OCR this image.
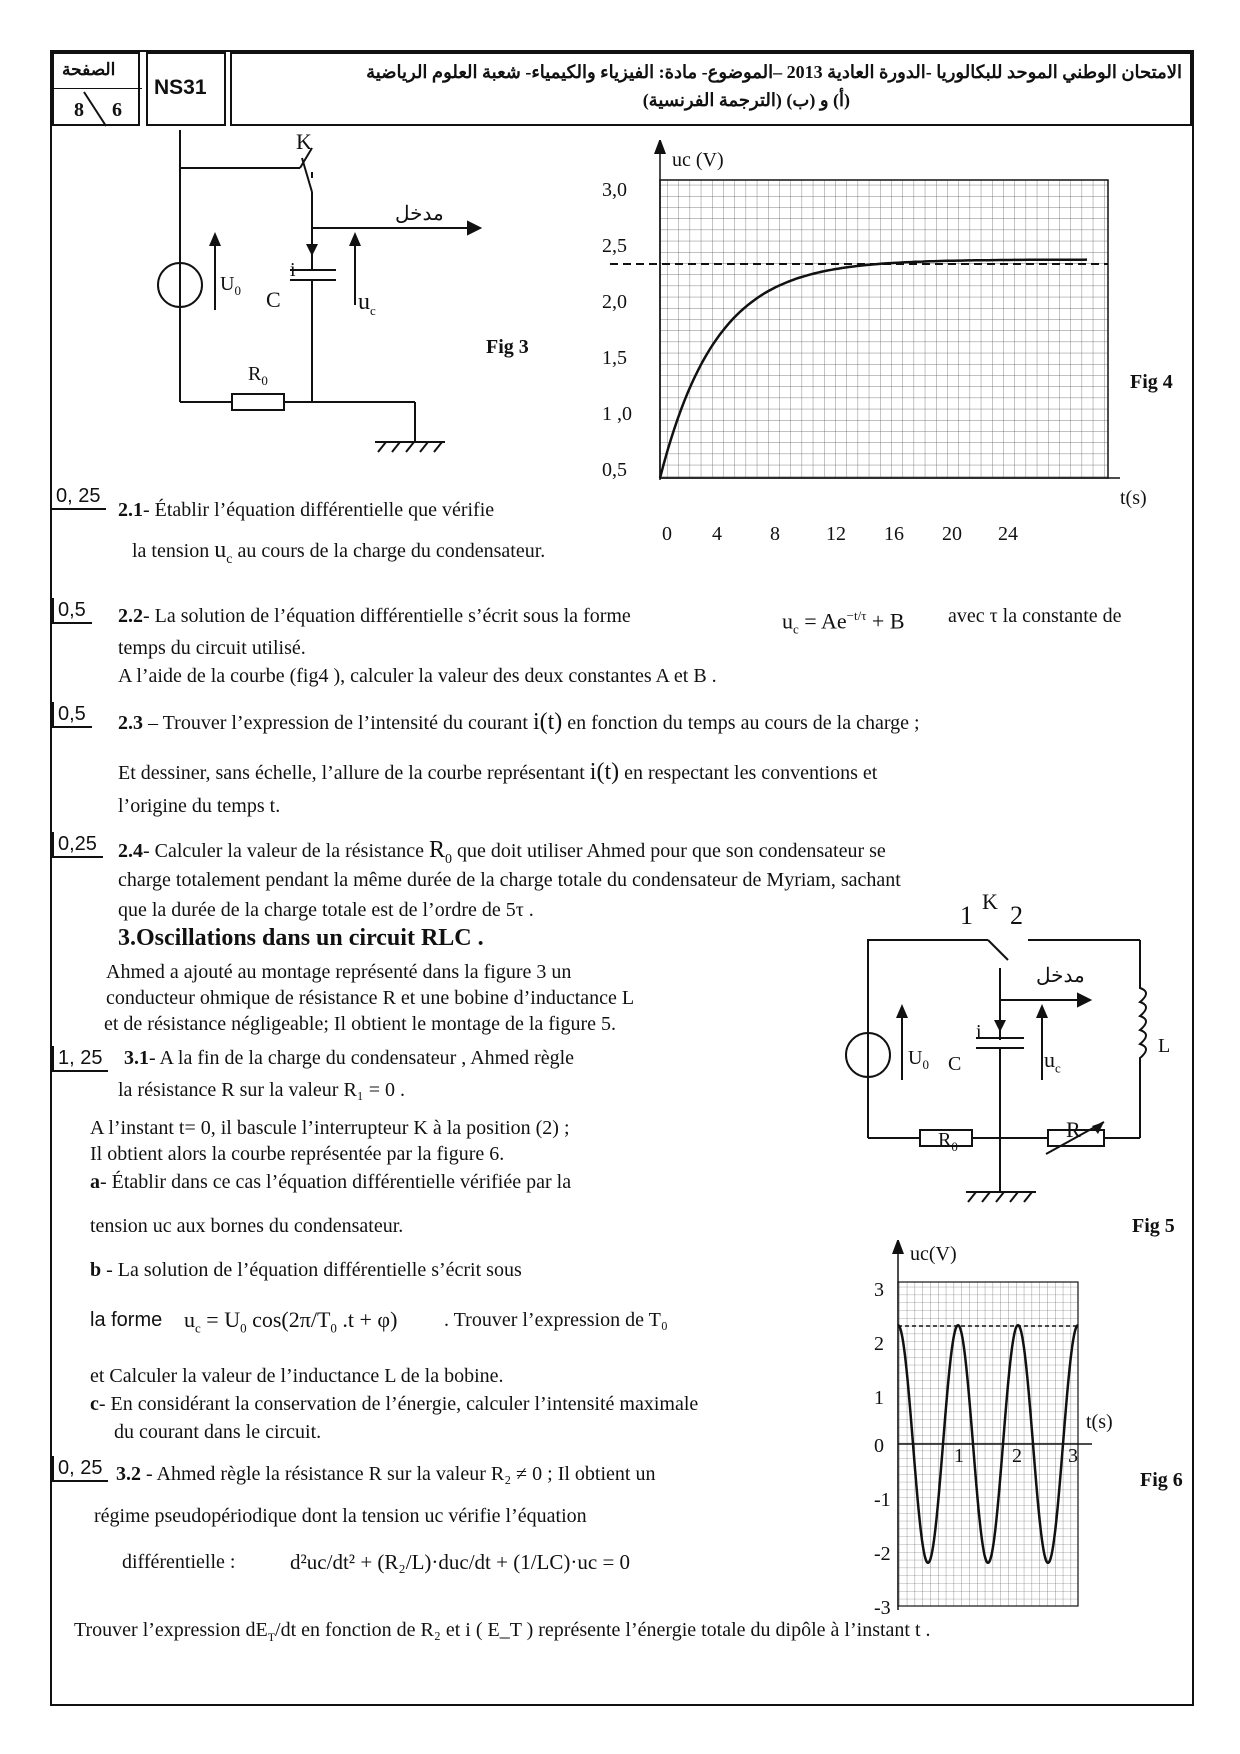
الصفحة
8 6
NS31
الامتحان الوطني الموحد للبكالوريا -الدورة العادية 2013 –الموضوع- مادة: الفيزياء والكيمياء- شعبة العلوم الرياضية
(أ) و (ب) (الترجمة الفرنسية)
K
مدخل
$U_0$
i
C	$u_c$
$R_0$
Fig 3
uc (V)
t(s)
3,0
2,5
2,0
1,5
1 ,0
0,5
0 4 8 12 16 20 24
Fig 4
0, 25
2.1- Établir l’équation différentielle que vérifie
la tension $u_c$ au cours de la charge du condensateur.
0,5	2.2- La solution de l’équation différentielle s’écrit sous la forme	$u_c = Ae^{-t/\tau} + B$ avec τ la constante de
temps du circuit utilisé.
A l’aide de la courbe (fig4 ), calculer la valeur des deux constantes A et B .
0,5	2.3 – Trouver l’expression de l’intensité du courant i(t) en fonction du temps au cours de la charge ;
Et dessiner, sans échelle, l’allure de la courbe représentant i(t) en respectant les conventions et
l’origine du temps t.
0,25	2.4- Calculer la valeur de la résistance $R_0$ que doit utiliser Ahmed pour que son condensateur se
charge totalement pendant la même durée de la charge totale du condensateur de Myriam, sachant
que la durée de la charge totale est de l’ordre de 5τ .
3.Oscillations dans un circuit RLC .
Ahmed a ajouté au montage représenté dans la figure 3 un
conducteur ohmique de résistance R et une bobine d’inductance L
et de résistance négligeable; Il obtient le montage de la figure 5.
1, 25	3.1- A la fin de la charge du condensateur , Ahmed règle
la résistance R sur la valeur R₁ = 0 .
A l’instant t= 0, il bascule l’interrupteur K à la position (2) ;
Il obtient alors la courbe représentée par la figure 6.
a- Établir dans ce cas l’équation différentielle vérifiée par la
tension uc aux bornes du condensateur.
b - La solution de l’équation différentielle s’écrit sous
la forme $u_c = U_0$ $\cos(2\pi/T_0$ .t + φ) . Trouver l’expression de T₀
et Calculer la valeur de l’inductance L de la bobine.
c- En considérant la conservation de l’énergie, calculer l’intensité maximale
du courant dans le circuit.
0, 25 3.2 - Ahmed règle la résistance R sur la valeur R₂ ≠ 0 ; Il obtient un
régime pseudopériodique dont la tension uc vérifie l’équation
différentielle :	d²uc/dt² + (R₂/L)·duc/dt + (1/LC)·uc = 0
Trouver l’expression $dE_T/dt$ en fonction de R₂ et i ( E_T ) représente l’énergie totale du dipôle à l’instant t .
1 K 2
مدخل
i
$U_0$ C	$u_c$
L
$R_0$
R
Fig 5
uc(V)
t(s)
3
2
1
0
-1
-2
-3
1 2 3
Fig 6
